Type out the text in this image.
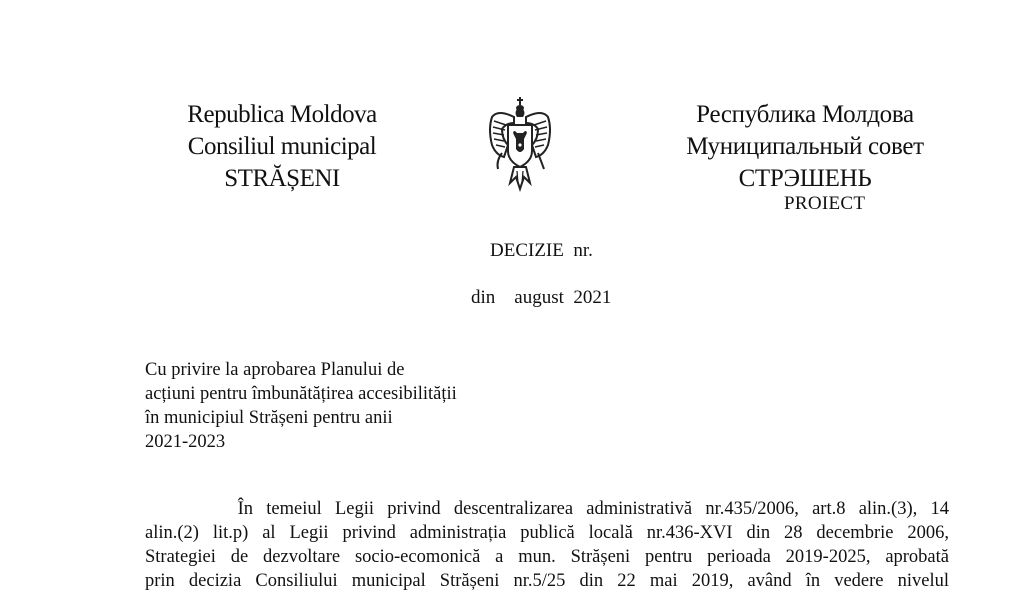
Republica Moldova
Consiliul municipal
STRĂȘENI
Республика Молдова
Муниципальный совет
СТРЭШЕНЬ
PROIECT
DECIZIE  nr.
din    august  2021
Cu privire la aprobarea Planului de
acțiuni pentru îmbunătățirea accesibilității
în municipiul Strășeni pentru anii
2021-2023
În temeiul Legii privind descentralizarea administrativă nr.435/2006, art.8 alin.(3), 14
alin.(2) lit.p) al Legii privind administrația publică locală nr.436-XVI din 28 decembrie 2006,
Strategiei de dezvoltare socio-ecomonică a mun. Strășeni pentru perioada 2019-2025, aprobată
prin decizia Consiliului municipal Strășeni nr.5/25 din 22 mai 2019, având în vedere nivelul
